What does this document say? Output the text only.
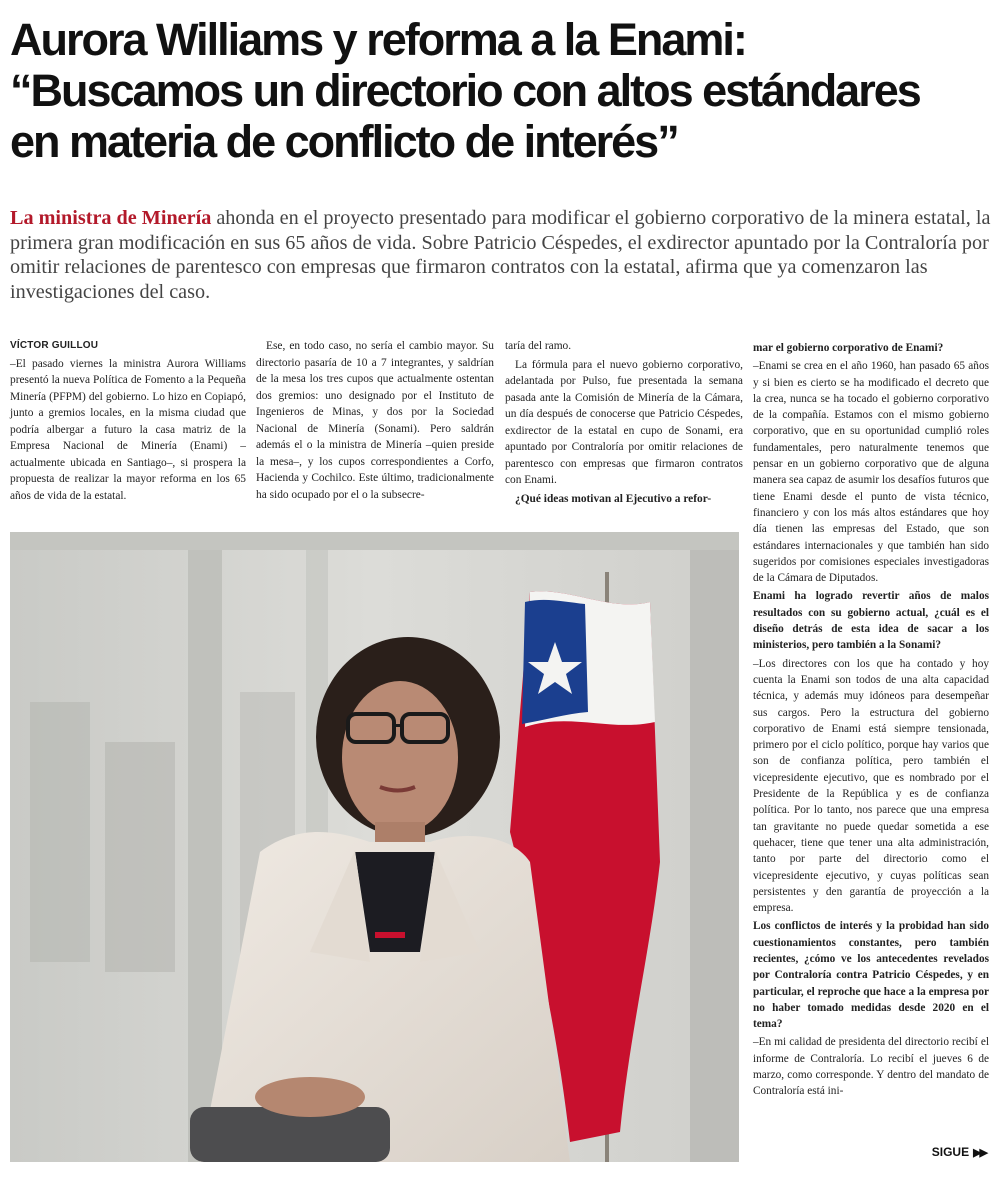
Aurora Williams y reforma a la Enami:
“Buscamos un directorio con altos estándares
en materia de conflicto de interés”
La ministra de Minería ahonda en el proyecto presentado para modificar el gobierno corporativo de la minera estatal, la primera gran modificación en sus 65 años de vida. Sobre Patricio Céspedes, el exdirector apuntado por la Contraloría por omitir relaciones de parentesco con empresas que firmaron contratos con la estatal, afirma que ya comenzaron las investigaciones del caso.
VÍCTOR GUILLOU

–El pasado viernes la ministra Aurora Williams presentó la nueva Política de Fomento a la Pequeña Minería (PFPM) del gobierno. Lo hizo en Copiapó, junto a gremios locales, en la misma ciudad que podría albergar a futuro la casa matriz de la Empresa Nacional de Minería (Enami) –actualmente ubicada en Santiago–, si prospera la propuesta de realizar la mayor reforma en los 65 años de vida de la estatal.

Ese, en todo caso, no sería el cambio mayor. Su directorio pasaría de 10 a 7 integrantes, y saldrían de la mesa los tres cupos que actualmente ostentan dos gremios: uno designado por el Instituto de Ingenieros de Minas, y dos por la Sociedad Nacional de Minería (Sonami). Pero saldrán además el o la ministra de Minería –quien preside la mesa–, y los cupos correspondientes a Corfo, Hacienda y Cochilco. Este último, tradicionalmente ha sido ocupado por el o la subsecre-

taría del ramo.

La fórmula para el nuevo gobierno corporativo, adelantada por Pulso, fue presentada la semana pasada ante la Comisión de Minería de la Cámara, un día después de conocerse que Patricio Céspedes, exdirector de la estatal en cupo de Sonami, era apuntado por Contraloría por omitir relaciones de parentesco con empresas que firmaron contratos con Enami.

¿Qué ideas motivan al Ejecutivo a refor-

mar el gobierno corporativo de Enami?

–Enami se crea en el año 1960, han pasado 65 años y si bien es cierto se ha modificado el decreto que la crea, nunca se ha tocado el gobierno corporativo de la compañía. Estamos con el mismo gobierno corporativo, que en su oportunidad cumplió roles fundamentales, pero naturalmente tenemos que pensar en un gobierno corporativo que de alguna manera sea capaz de asumir los desafíos futuros que tiene Enami desde el punto de vista técnico, financiero y con los más altos estándares que hoy día tienen las empresas del Estado, que son estándares internacionales y que también han sido sugeridos por comisiones especiales investigadoras de la Cámara de Diputados.

Enami ha logrado revertir años de malos resultados con su gobierno actual, ¿cuál es el diseño detrás de esta idea de sacar a los ministerios, pero también a la Sonami?

–Los directores con los que ha contado y hoy cuenta la Enami son todos de una alta capacidad técnica, y además muy idóneos para desempeñar sus cargos. Pero la estructura del gobierno corporativo de Enami está siempre tensionada, primero por el ciclo político, porque hay varios que son de confianza política, pero también el vicepresidente ejecutivo, que es nombrado por el Presidente de la República y es de confianza política. Por lo tanto, nos parece que una empresa tan gravitante no puede quedar sometida a ese quehacer, tiene que tener una alta administración, tanto por parte del directorio como el vicepresidente ejecutivo, y cuyas políticas sean persistentes y den garantía de proyección a la empresa.

Los conflictos de interés y la probidad han sido cuestionamientos constantes, pero también recientes, ¿cómo ve los antecedentes revelados por Contraloría contra Patricio Céspedes, y en particular, el reproche que hace a la empresa por no haber tomado medidas desde 2020 en el tema?

–En mi calidad de presidenta del directorio recibí el informe de Contraloría. Lo recibí el jueves 6 de marzo, como corresponde. Y dentro del mandato de Contraloría está ini-

SIGUE ▶▶
